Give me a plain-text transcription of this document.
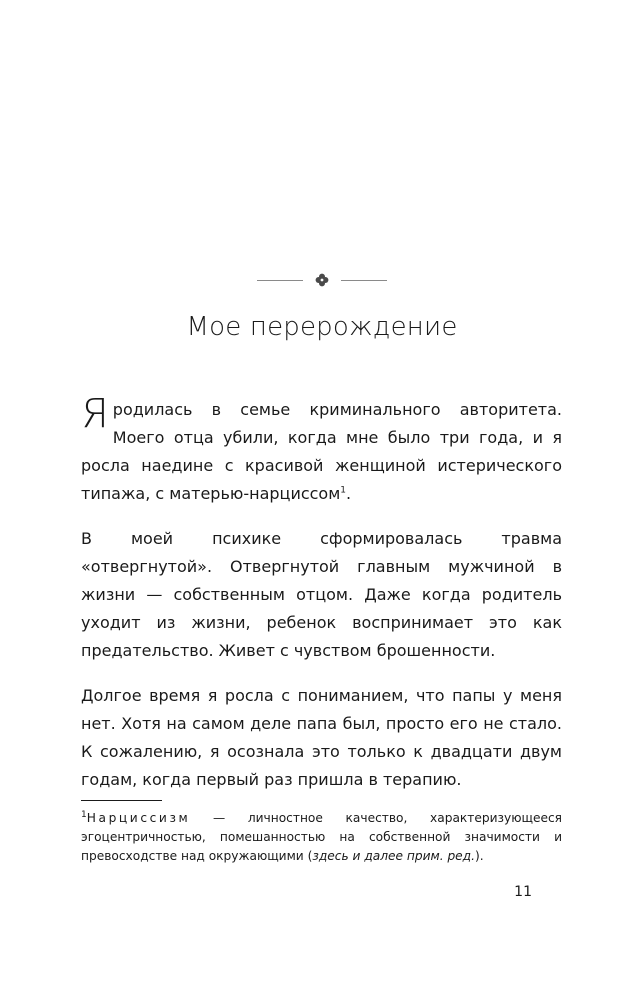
Мое перерождение

Я родилась в семье криминального авторитета. Моего отца убили, когда мне было три года, и я росла наедине с красивой женщиной истерического типажа, с матерью-нарциссом$^1$.

В моей психике сформировалась травма «отвергнутой». Отвергнутой главным мужчиной в жизни — собственным отцом. Даже когда родитель уходит из жизни, ребенок воспринимает это как предательство. Живет с чувством брошенности.

Долгое время я росла с пониманием, что папы у меня нет. Хотя на самом деле папа был, просто его не стало. К сожалению, я осознала это только к двадцати двум годам, когда первый раз пришла в терапию.

$^1$Нарциссизм — личностное качество, характеризующееся эгоцентричностью, помешанностью на собственной значимости и превосходстве над окружающими (здесь и далее прим. ред.).
11
